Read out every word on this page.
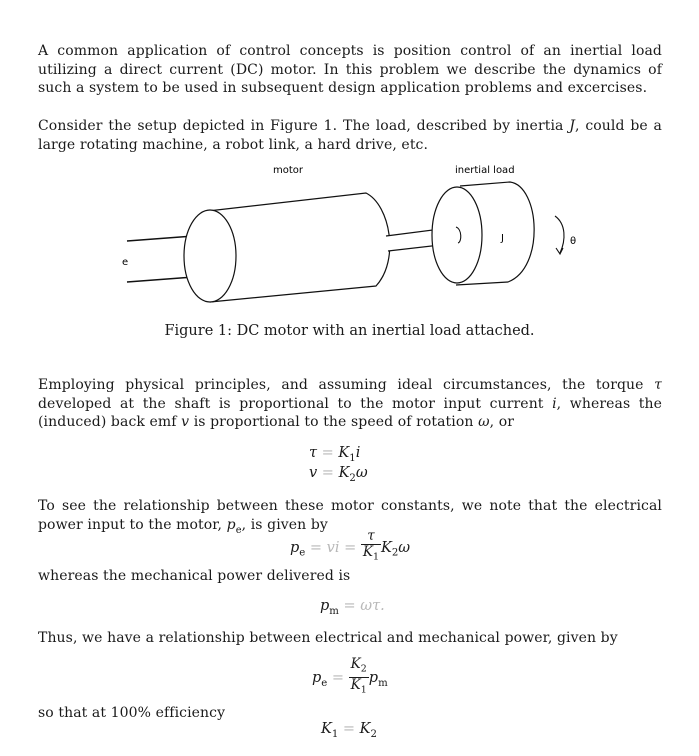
A common application of control concepts is position control of an inertial load utilizing a direct current (DC) motor. In this problem we describe the dynamics of such a system to be used in subsequent design application problems and excercises.

Consider the setup depicted in Figure 1. The load, described by inertia J, could be a large rotating machine, a robot link, a hard drive, etc.

motor	inertial load
e
J	θ
Figure 1: DC motor with an inertial load attached.

Employing physical principles, and assuming ideal circumstances, the torque τ developed at the shaft is proportional to the motor input current i, whereas the (induced) back emf v is proportional to the speed of rotation ω, or

$\tau = K_1i$
$v = K_2\omega$

To see the relationship between these motor constants, we note that the electrical power input to the motor, $p_e$, is given by

$p_e$ = vi = $\frac{\tau}{K_1} K_2\omega$

whereas the mechanical power delivered is

$p_m = \omega\tau$.

Thus, we have a relationship between electrical and mechanical power, given by

$p_e = \frac{K_2}{K_1} p_m$

so that at 100% efficiency

$K_1 = K_2$
